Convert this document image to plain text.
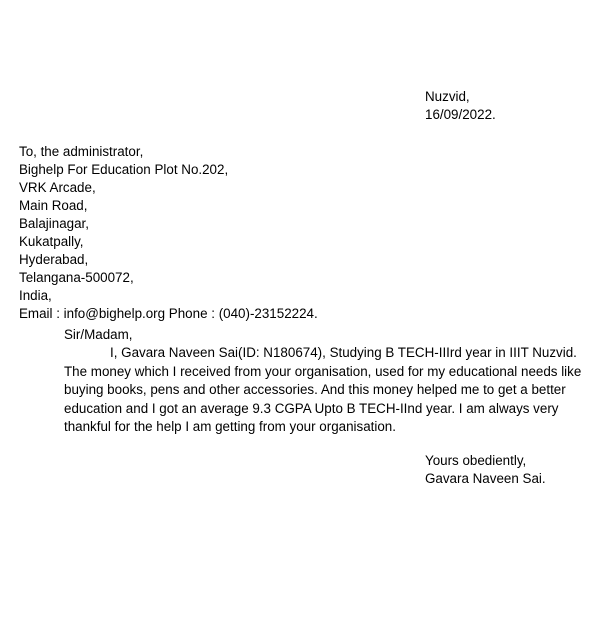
Nuzvid,
16/09/2022.
To, the administrator,
Bighelp For Education Plot No.202,
VRK Arcade,
Main Road,
Balajinagar,
Kukatpally,
Hyderabad,
Telangana-500072,
India,
Email : info@bighelp.org Phone : (040)-23152224.
Sir/Madam,
I, Gavara Naveen Sai(ID: N180674), Studying B TECH-IIIrd year in IIIT Nuzvid. The money which I received from your organisation, used for my educational needs like buying books, pens and other accessories. And this money helped me to get a better education and I got an average 9.3 CGPA Upto B TECH-IInd year. I am always very thankful for the help I am getting from your organisation.
Yours obediently,
Gavara Naveen Sai.
